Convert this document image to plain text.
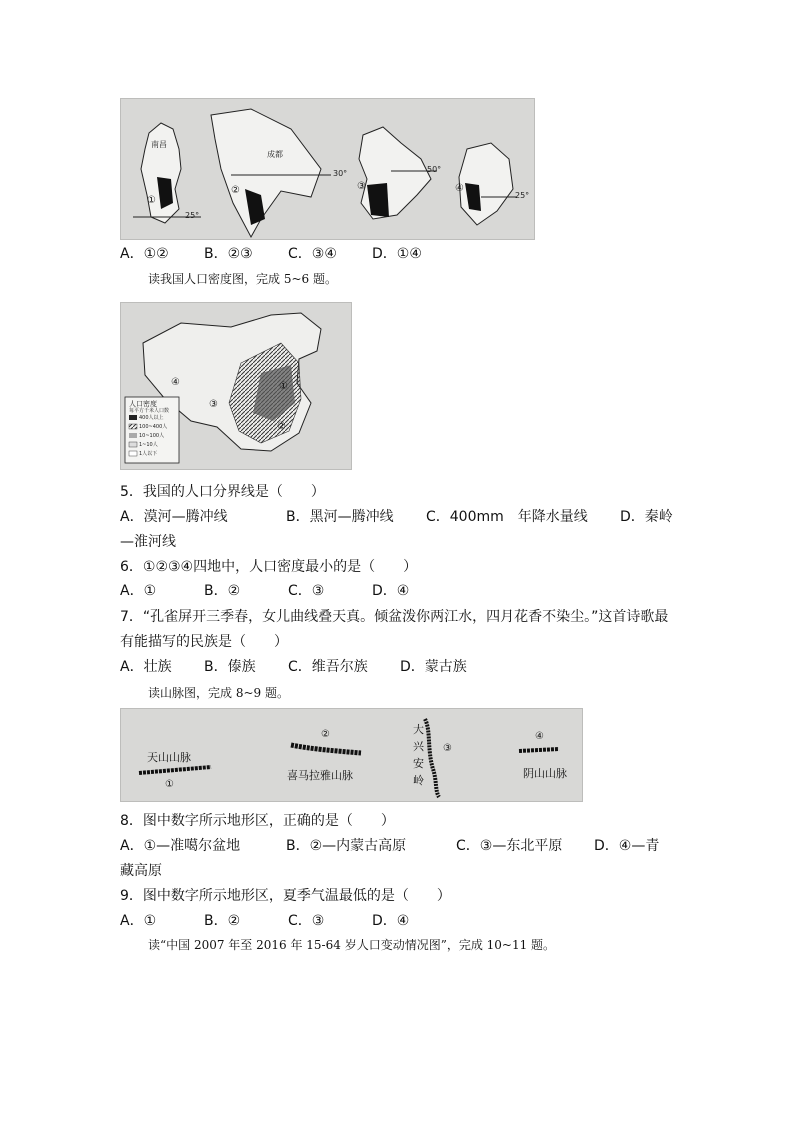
南昌
①
25°
成都
②
30°
③
50°
④
25°
A．①②	B．②③	C．③④	D．①④
读我国人口密度图，完成 5~6 题。
①
②
③
④
人口密度
每平方千米人口数
400人以上
100~400人
10~100人
1~10人
1人以下
5．我国的人口分界线是（　　）
A．漠河—腾冲线	B．黑河—腾冲线 C．400mm　年降水量线 D．秦岭
—淮河线
6．①②③④四地中，人口密度最小的是（　　）
A．①	B．②	C．③	D．④
7．“孔雀屏开三季春，女儿曲线叠天真。倾盆泼你两江水，四月花香不染尘。”这首诗歌最
有能描写的民族是（　　）
A．壮族 B．傣族 C．维吾尔族 D．蒙古族
读山脉图，完成 8~9 题。
天山山脉
①
②
喜马拉雅山脉
大兴安岭
③
④
阴山山脉
8．图中数字所示地形区，正确的是（　　）
A．①—准噶尔盆地	B．②—内蒙古高原	C．③—东北平原 D．④—青
藏高原
9．图中数字所示地形区，夏季气温最低的是（　　）
A．①	B．②	C．③	D．④
读“中国 2007 年至 2016 年 15-64 岁人口变动情况图”，完成 10~11 题。
